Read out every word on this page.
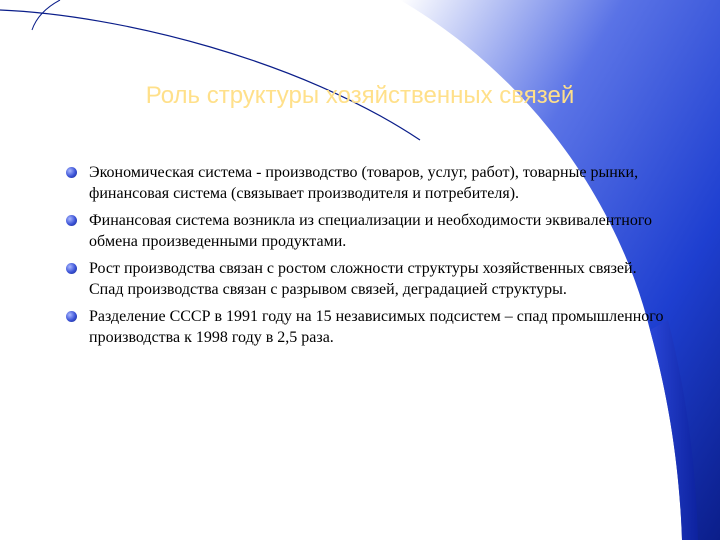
Роль структуры хозяйственных связей
Экономическая система - производство (товаров, услуг, работ), товарные рынки, финансовая система (связывает производителя и потребителя).
Финансовая система возникла из специализации и необходимости эквивалентного обмена произведенными продуктами.
Рост производства связан с ростом сложности структуры хозяйственных связей. Спад производства связан с разрывом связей, деградацией структуры.
Разделение СССР в 1991 году на 15 независимых подсистем – спад промышленного производства к 1998 году в 2,5 раза.
